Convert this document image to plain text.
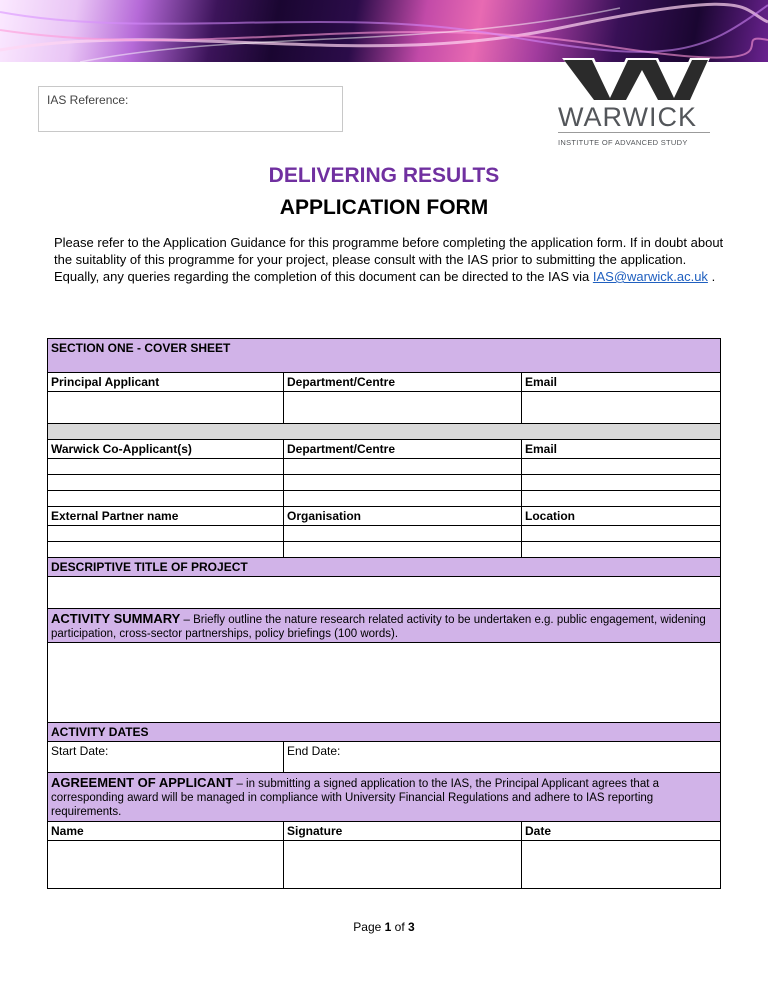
IAS Reference:
WARWICK
INSTITUTE OF ADVANCED STUDY
DELIVERING RESULTS
APPLICATION FORM
Please refer to the Application Guidance for this programme before completing the application form. If in doubt about the suitablity of this programme for your project, please consult with the IAS prior to submitting the application. Equally, any queries regarding the completion of this document can be directed to the IAS via IAS@warwick.ac.uk .
SECTION ONE - COVER SHEET		
Principal Applicant	Department/Centre	Email

Warwick Co-Applicant(s)	Department/Centre	Email

External Partner name	Organisation	Location

DESCRIPTIVE TITLE OF PROJECT		

ACTIVITY SUMMARY – Briefly outline the nature research related activity to be undertaken e.g. public engagement, widening participation, cross-sector partnerships, policy briefings (100 words).		

ACTIVITY DATES		
Start Date:	End Date:	
AGREEMENT OF APPLICANT – in submitting a signed application to the IAS, the Principal Applicant agrees that a corresponding award will be managed in compliance with University Financial Regulations and adhere to IAS reporting requirements.		
Name	Signature	Date

Page 1 of 3
